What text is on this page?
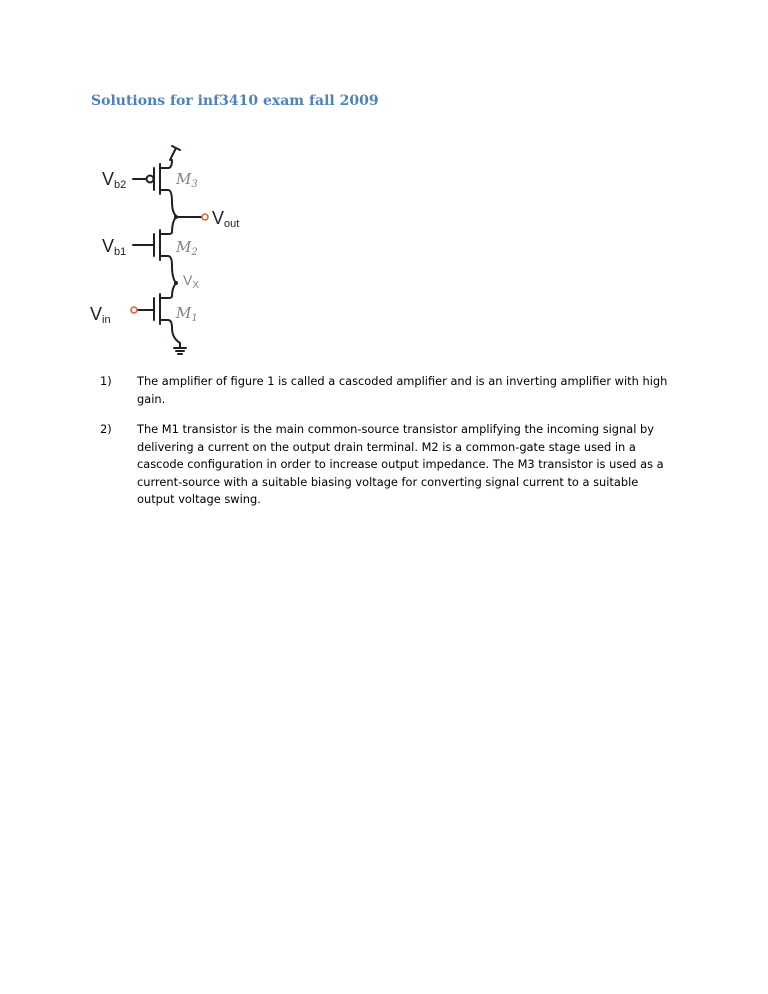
Solutions for inf3410 exam fall 2009
Vb2	$M_3$
Vout
Vb1	$M_2$
$V_X$
Vin	$M_1$
1) The amplifier of figure 1 is called a cascoded amplifier and is an inverting amplifier with high gain.
2) The M1 transistor is the main common-source transistor amplifying the incoming signal by delivering a current on the output drain terminal. M2 is a common-gate stage used in a cascode configuration in order to increase output impedance. The M3 transistor is used as a current-source with a suitable biasing voltage for converting signal current to a suitable output voltage swing.
